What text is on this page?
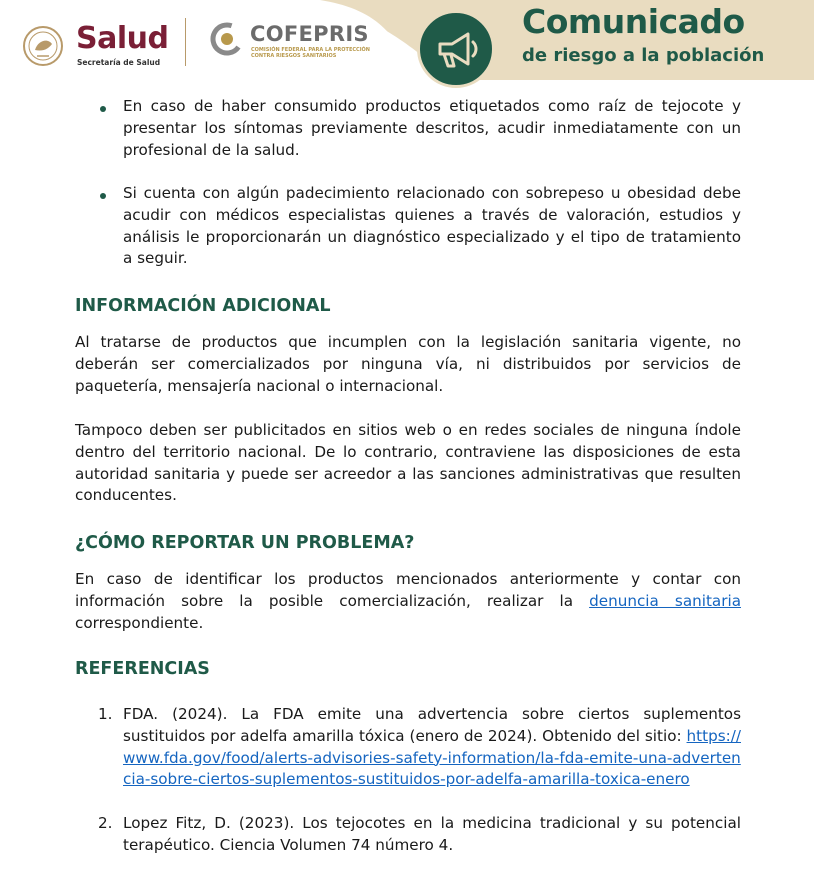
Salud
Secretaría de Salud
COFEPRIS
COMISIÓN FEDERAL PARA LA PROTECCIÓN CONTRA RIESGOS SANITARIOS
Comunicado
de riesgo a la población

En caso de haber consumido productos etiquetados como raíz de tejocote y presentar los síntomas previamente descritos, acudir inmediatamente con un profesional de la salud.

Si cuenta con algún padecimiento relacionado con sobrepeso u obesidad debe acudir con médicos especialistas quienes a través de valoración, estudios y análisis le proporcionarán un diagnóstico especializado y el tipo de tratamiento a seguir.

INFORMACIÓN ADICIONAL

Al tratarse de productos que incumplen con la legislación sanitaria vigente, no deberán ser comercializados por ninguna vía, ni distribuidos por servicios de paquetería, mensajería nacional o internacional.

Tampoco deben ser publicitados en sitios web o en redes sociales de ninguna índole dentro del territorio nacional. De lo contrario, contraviene las disposiciones de esta autoridad sanitaria y puede ser acreedor a las sanciones administrativas que resulten conducentes.

¿CÓMO REPORTAR UN PROBLEMA?

En caso de identificar los productos mencionados anteriormente y contar con información sobre la posible comercialización, realizar la denuncia sanitaria correspondiente.

REFERENCIAS
1. FDA. (2024). La FDA emite una advertencia sobre ciertos suplementos sustituidos por adelfa amarilla tóxica (enero de 2024). Obtenido del sitio: https://www.fda.gov/food/alerts-advisories-safety-information/la-fda-emite-una-advertencia-sobre-ciertos-suplementos-sustituidos-por-adelfa-amarilla-toxica-enero

2. Lopez Fitz, D. (2023). Los tejocotes en la medicina tradicional y su potencial terapéutico. Ciencia Volumen 74 número 4.
